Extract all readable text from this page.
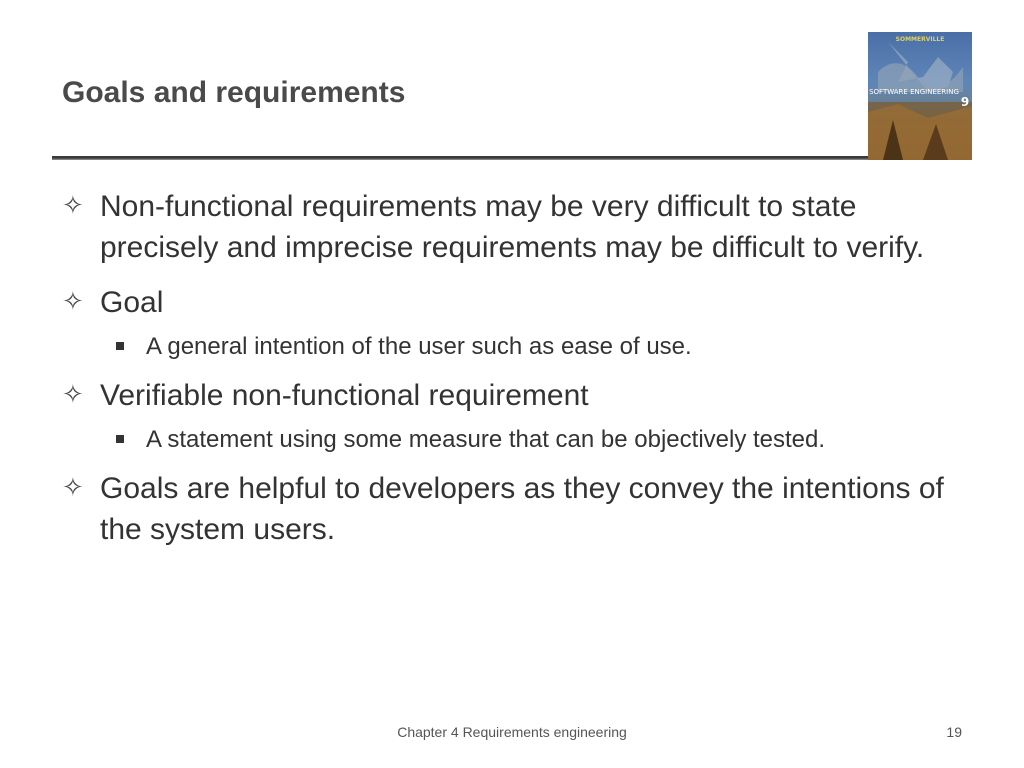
Goals and requirements
SOMMERVILLE
SOFTWARE ENGINEERING
9

✧ Non-functional requirements may be very difficult to state precisely and imprecise requirements may be difficult to verify.

✧ Goal

A general intention of the user such as ease of use.

✧ Verifiable non-functional requirement

A statement using some measure that can be objectively tested.

✧ Goals are helpful to developers as they convey the intentions of the system users.

Chapter 4 Requirements engineering	19
